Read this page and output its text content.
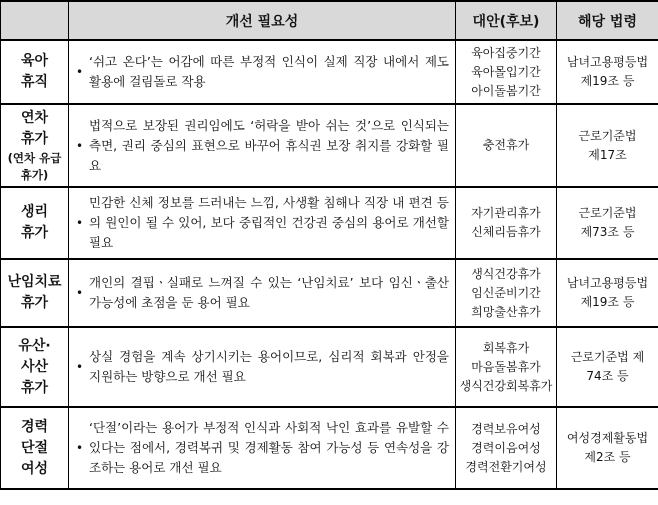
	개선 필요성	대안(후보)	해당 법령

육아
휴직	•
‘쉬고 온다’는 어감에 따른 부정적 인식이 실제 직장 내에서 제도 활용에 걸림돌로 작용	육아집중기간
육아몰입기간
아이돌봄기간	남녀고용평등법
제19조 등

연차
휴가
(연차 유급
휴가)	•
법적으로 보장된 권리임에도 ‘허락을 받아 쉬는 것’으로 인식되는 측면, 권리 중심의 표현으로 바꾸어 휴식권 보장 취지를 강화할 필요	충전휴가	근로기준법
제17조

생리
휴가	•
민감한 신체 정보를 드러내는 느낌, 사생활 침해나 직장 내 편견 등의 원인이 될 수 있어, 보다 중립적인 건강권 중심의 용어로 개선할 필요	자기관리휴가
신체리듬휴가	근로기준법
제73조 등

난임치료
휴가	•
개인의 결핍ㆍ실패로 느껴질 수 있는 ‘난임치료’ 보다 임신ㆍ출산 가능성에 초점을 둔 용어 필요	생식건강휴가
임신준비기간
희망출산휴가	남녀고용평등법
제19조 등

유산·
사산
휴가	•
상실 경험을 계속 상기시키는 용어이므로, 심리적 회복과 안정을 지원하는 방향으로 개선 필요	회복휴가
마음돌봄휴가
생식건강회복휴가	근로기준법 제
74조 등

경력
단절
여성	•
‘단절’이라는 용어가 부정적 인식과 사회적 낙인 효과를 유발할 수 있다는 점에서, 경력복귀 및 경제활동 참여 가능성 등 연속성을 강조하는 용어로 개선 필요	경력보유여성
경력이음여성
경력전환기여성	여성경제활동법
제2조 등
